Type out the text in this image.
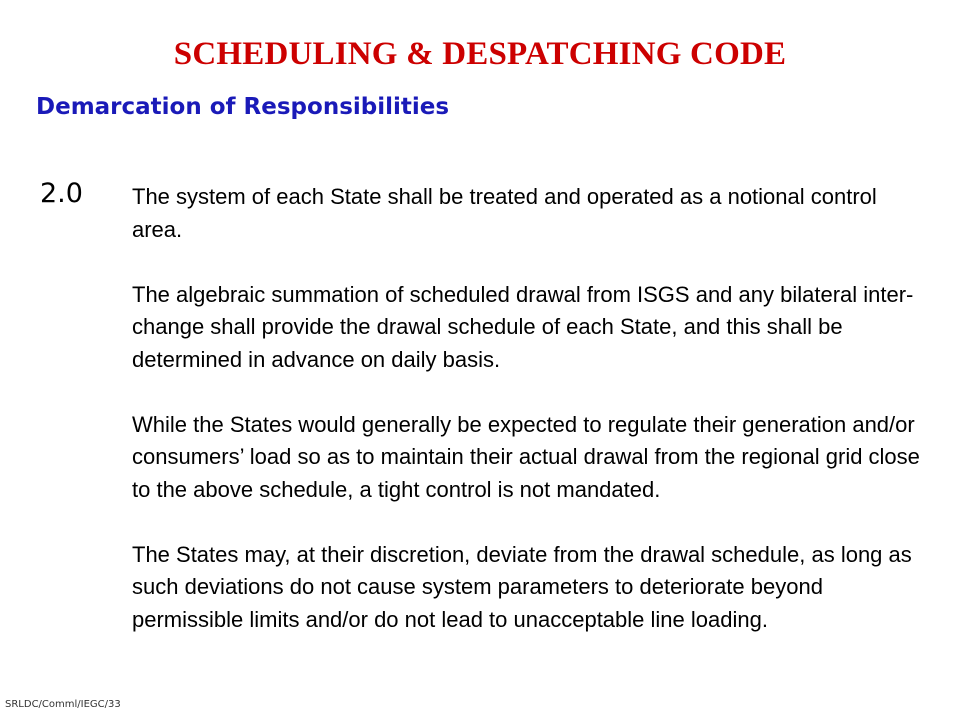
SCHEDULING & DESPATCHING CODE
Demarcation of Responsibilities
2.0 The system of each State shall be treated and operated as a notional control area.

The algebraic summation of scheduled drawal from ISGS and any bilateral inter-change shall provide the drawal schedule of each State, and this shall be determined in advance on daily basis.

While the States would generally be expected to regulate their generation and/or consumers’ load so as to maintain their actual drawal from the regional grid close to the above schedule, a tight control is not mandated.

The States may, at their discretion, deviate from the drawal schedule, as long as such deviations do not cause system parameters to deteriorate beyond permissible limits and/or do not lead to unacceptable line loading.

SRLDC/Comml/IEGC/33
